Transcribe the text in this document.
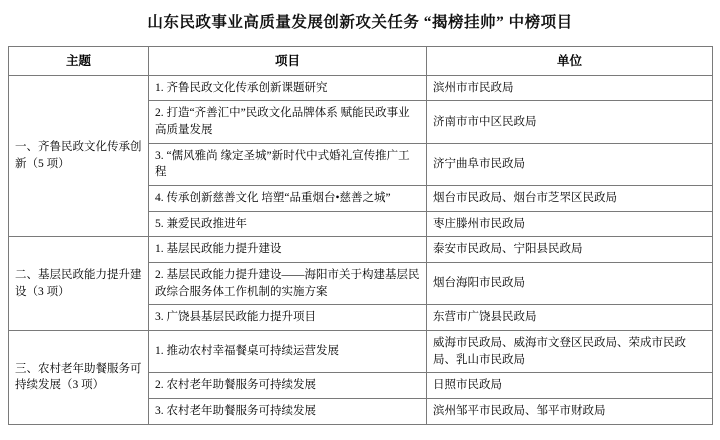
山东民政事业高质量发展创新攻关任务 “揭榜挂帅” 中榜项目
主题	项目	单位
一、齐鲁民政文化传承创新（5 项）	1. 齐鲁民政文化传承创新课题研究	滨州市市民政局
	2. 打造“齐善汇中”民政文化品牌体系 赋能民政事业高质量发展	济南市市中区民政局
	3. “儒风雅尚 缘定圣城”新时代中式婚礼宣传推广工程	济宁曲阜市民政局
	4. 传承创新慈善文化 培塑“品重烟台•慈善之城”	烟台市民政局、烟台市芝罘区民政局
	5. 兼爱民政推进年	枣庄滕州市民政局
二、基层民政能力提升建设（3 项）	1. 基层民政能力提升建设	泰安市民政局、宁阳县民政局
	2. 基层民政能力提升建设——海阳市关于构建基层民政综合服务体工作机制的实施方案	烟台海阳市民政局
	3. 广饶县基层民政能力提升项目	东营市广饶县民政局
三、农村老年助餐服务可持续发展（3 项）	1. 推动农村幸福餐桌可持续运营发展	威海市民政局、威海市文登区民政局、荣成市民政局、乳山市民政局
	2. 农村老年助餐服务可持续发展	日照市民政局
	3. 农村老年助餐服务可持续发展	滨州邹平市民政局、邹平市财政局
